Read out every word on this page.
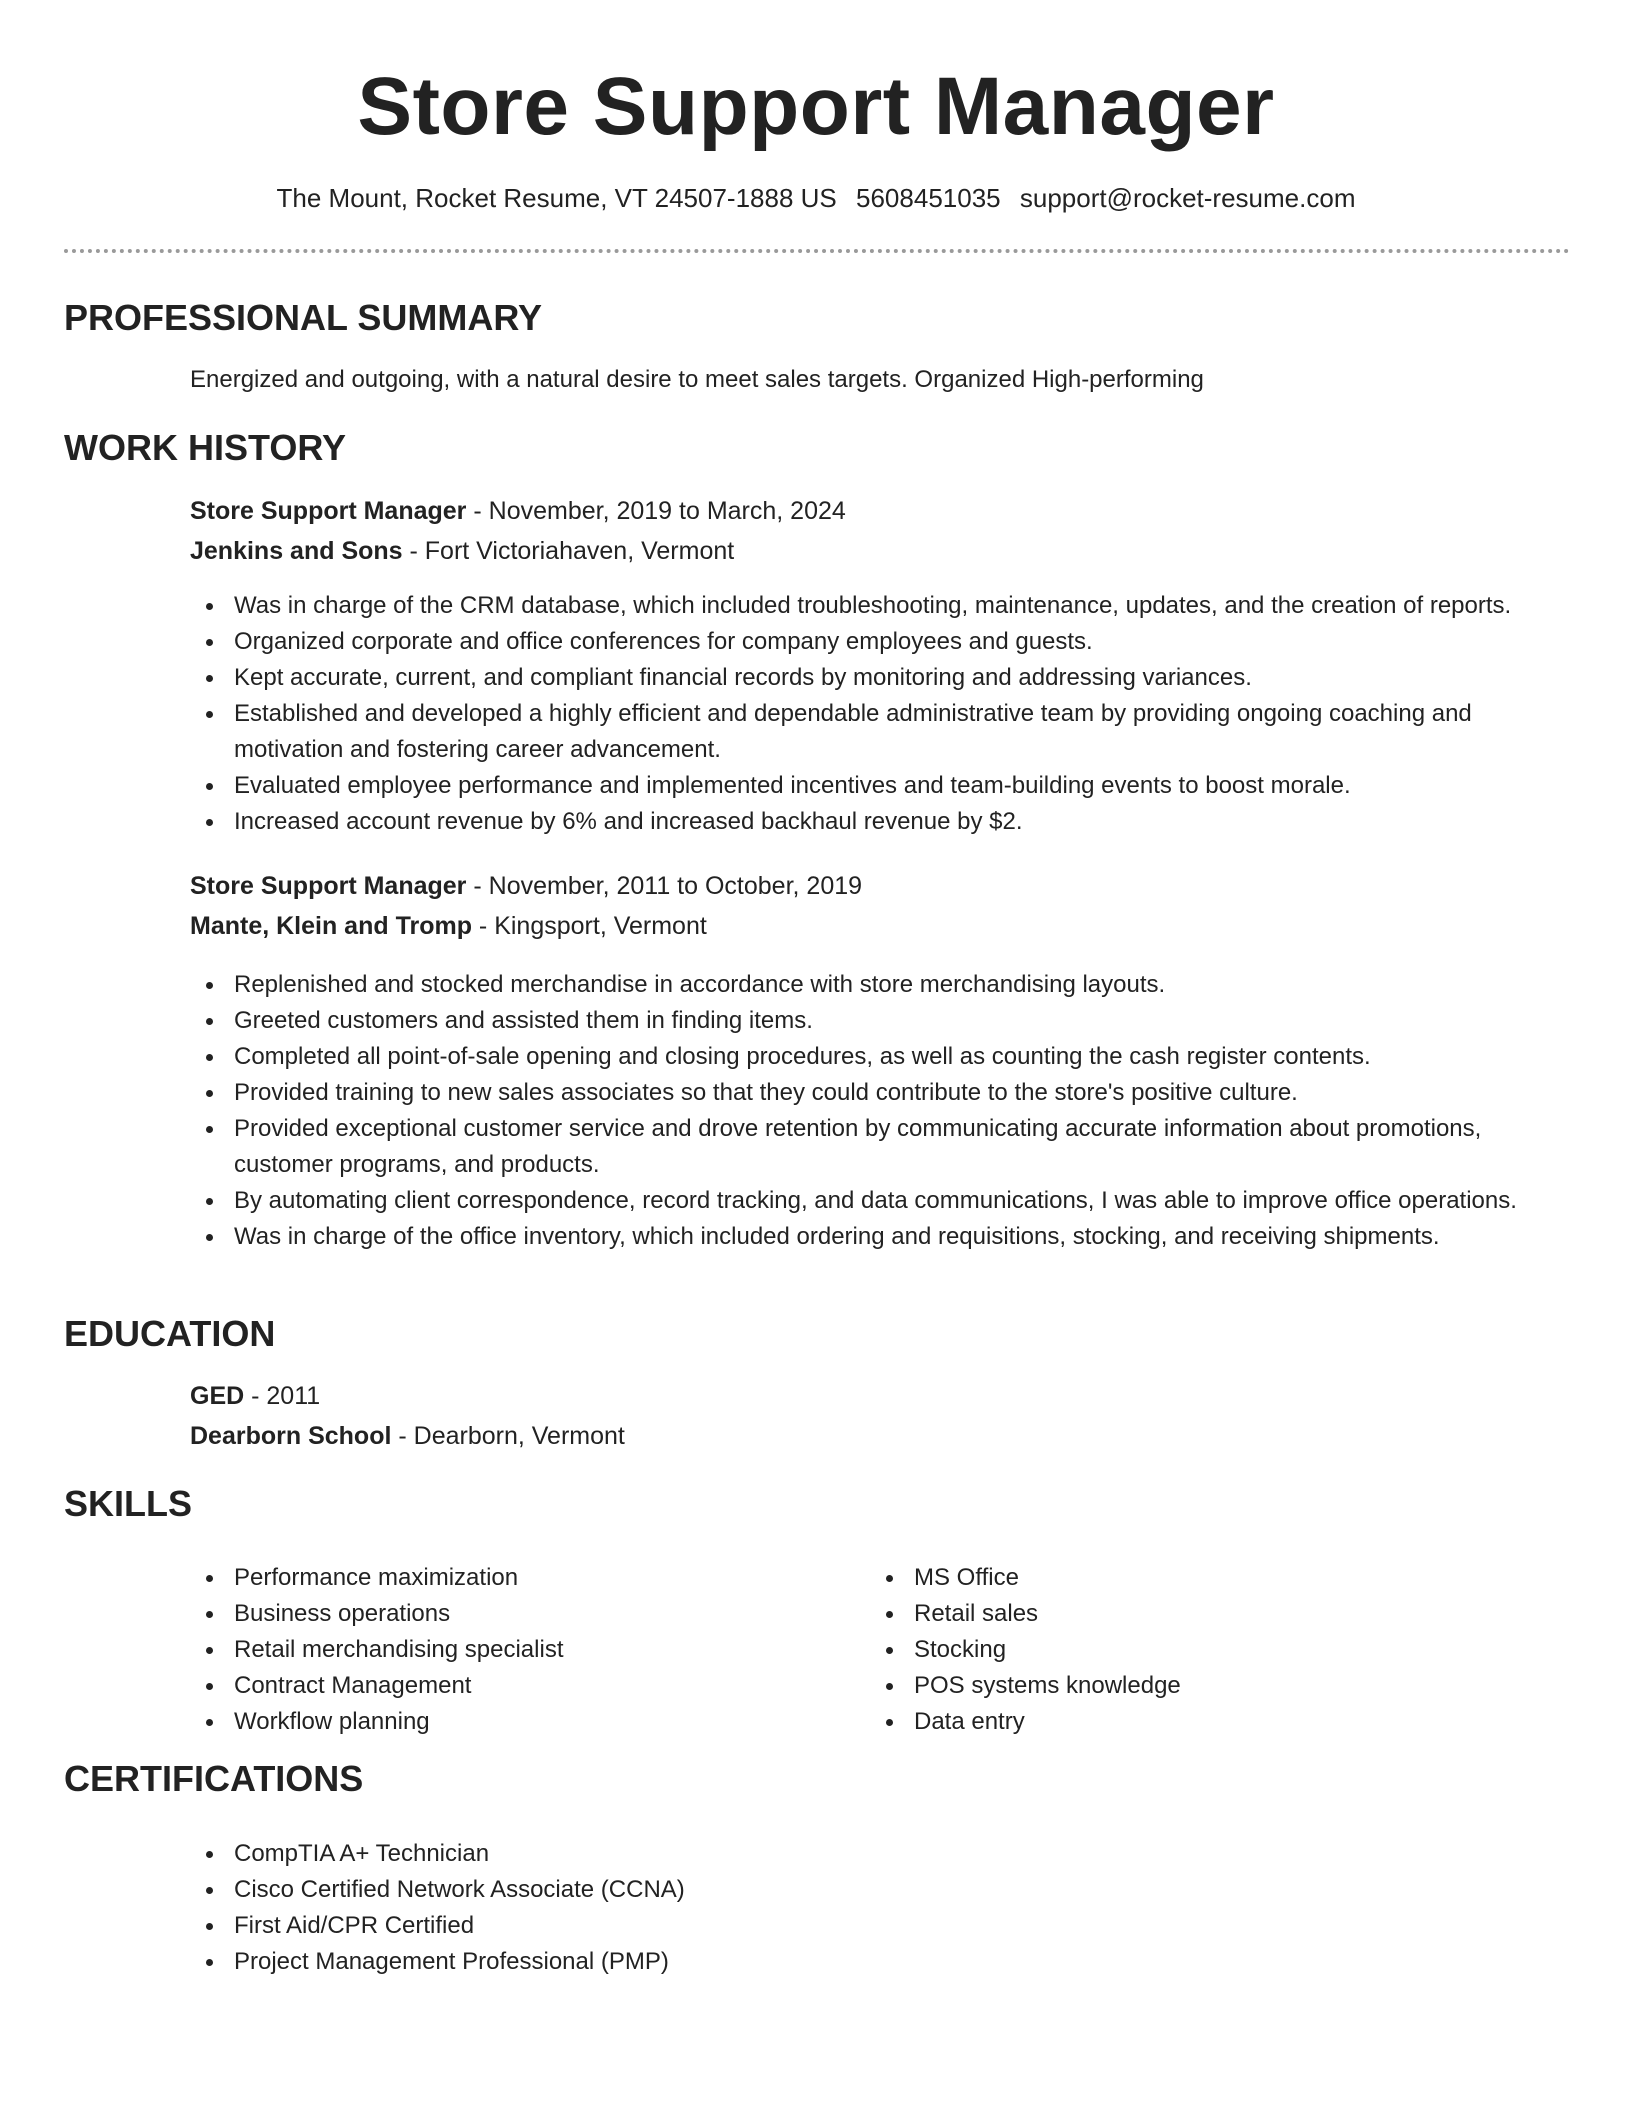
Store Support Manager
The Mount, Rocket Resume, VT 24507-1888 US 5608451035 support@rocket-resume.com
PROFESSIONAL SUMMARY
Energized and outgoing, with a natural desire to meet sales targets. Organized High-performing
WORK HISTORY
Store Support Manager - November, 2019 to March, 2024
Jenkins and Sons - Fort Victoriahaven, Vermont
Was in charge of the CRM database, which included troubleshooting, maintenance, updates, and the creation of reports.
Organized corporate and office conferences for company employees and guests.
Kept accurate, current, and compliant financial records by monitoring and addressing variances.
Established and developed a highly efficient and dependable administrative team by providing ongoing coaching and motivation and fostering career advancement.
Evaluated employee performance and implemented incentives and team-building events to boost morale.
Increased account revenue by 6% and increased backhaul revenue by $2.
Store Support Manager - November, 2011 to October, 2019
Mante, Klein and Tromp - Kingsport, Vermont
Replenished and stocked merchandise in accordance with store merchandising layouts.
Greeted customers and assisted them in finding items.
Completed all point-of-sale opening and closing procedures, as well as counting the cash register contents.
Provided training to new sales associates so that they could contribute to the store's positive culture.
Provided exceptional customer service and drove retention by communicating accurate information about promotions, customer programs, and products.
By automating client correspondence, record tracking, and data communications, I was able to improve office operations.
Was in charge of the office inventory, which included ordering and requisitions, stocking, and receiving shipments.
EDUCATION
GED - 2011
Dearborn School - Dearborn, Vermont
SKILLS
Performance maximization
Business operations
Retail merchandising specialist
Contract Management
Workflow planning
MS Office
Retail sales
Stocking
POS systems knowledge
Data entry
CERTIFICATIONS
CompTIA A+ Technician
Cisco Certified Network Associate (CCNA)
First Aid/CPR Certified
Project Management Professional (PMP)
